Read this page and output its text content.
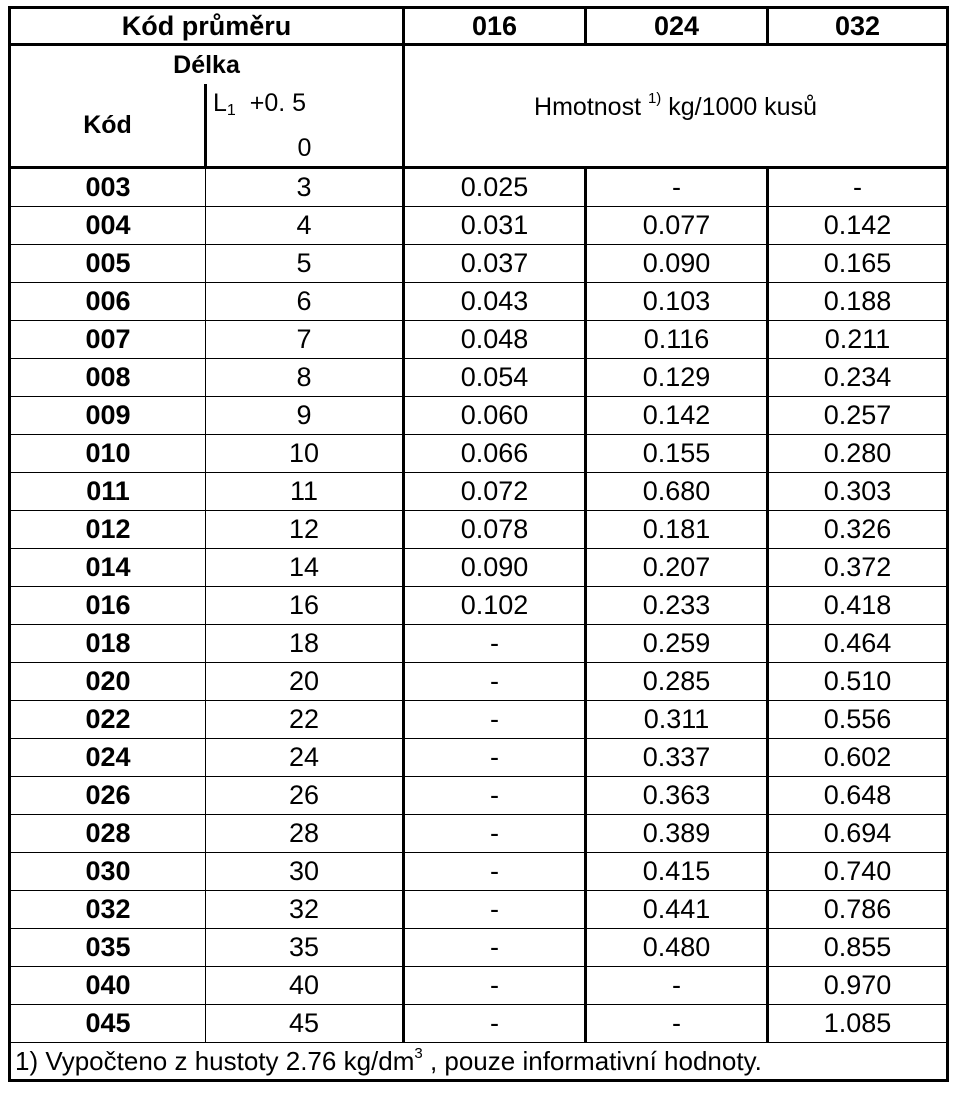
Kód průměru		016	024	032
Délka		Hmotnost $^{1)}$ kg/1000 kusů		
Kód	$L_1 +0$. 5			
	0			
003	3	0.025	-	-
004	4	0.031	0.077	0.142
005	5	0.037	0.090	0.165
006	6	0.043	0.103	0.188
007	7	0.048	0.116	0.211
008	8	0.054	0.129	0.234
009	9	0.060	0.142	0.257
010	10	0.066	0.155	0.280
011	11	0.072	0.680	0.303
012	12	0.078	0.181	0.326
014	14	0.090	0.207	0.372
016	16	0.102	0.233	0.418
018	18	-	0.259	0.464
020	20	-	0.285	0.510
022	22	-	0.311	0.556
024	24	-	0.337	0.602
026	26	-	0.363	0.648
028	28	-	0.389	0.694
030	30	-	0.415	0.740
032	32	-	0.441	0.786
035	35	-	0.480	0.855
040	40	-	-	0.970
045	45	-	-	1.085
1) Vypočteno z hustoty 2.76 $kg/dm^3$ , pouze informativní hodnoty.				
